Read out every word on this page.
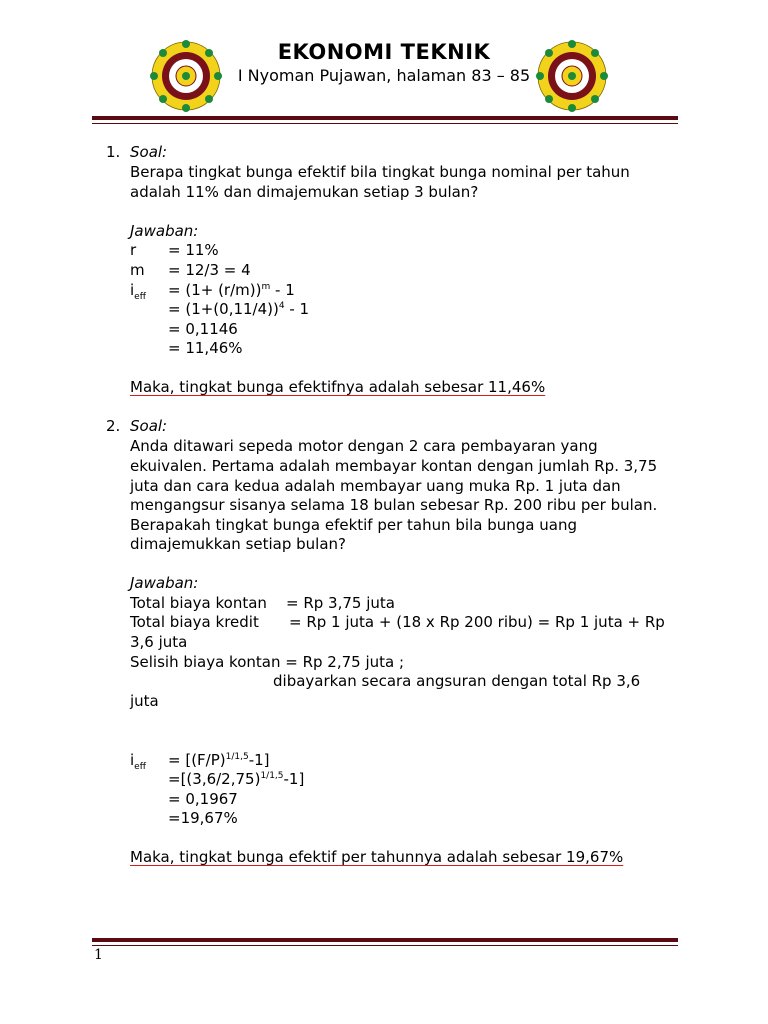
EKONOMI TEKNIK
I Nyoman Pujawan, halaman 83 – 85
1. Soal:
Berapa tingkat bunga efektif bila tingkat bunga nominal per tahun
adalah 11% dan dimajemukan setiap 3 bulan?
Jawaban:
r = 11%
m = 12/3 = 4
$i_{eff} = (1+ (r/m))^m - 1$
= $(1+(0,11/4))^4 - 1$
= 0,1146
= 11,46%
Maka, tingkat bunga efektifnya adalah sebesar 11,46%
2. Soal:
Anda ditawari sepeda motor dengan 2 cara pembayaran yang
ekuivalen. Pertama adalah membayar kontan dengan jumlah Rp. 3,75
juta dan cara kedua adalah membayar uang muka Rp. 1 juta dan
mengangsur sisanya selama 18 bulan sebesar Rp. 200 ribu per bulan.
Berapakah tingkat bunga efektif per tahun bila bunga uang
dimajemukkan setiap bulan?
Jawaban:
Total biaya kontan = Rp 3,75 juta
Total biaya kredit = Rp 1 juta + (18 x Rp 200 ribu) = Rp 1 juta + Rp
3,6 juta
Selisih biaya kontan = Rp 2,75 juta ;
dibayarkan secara angsuran dengan total Rp 3,6
juta
$i_{eff} = [(F/P)^{1/1,5}-1]$
$=[(3,6/2,75)^{1/1,5}-1]$
= 0,1967
=19,67%
Maka, tingkat bunga efektif per tahunnya adalah sebesar 19,67%
1
